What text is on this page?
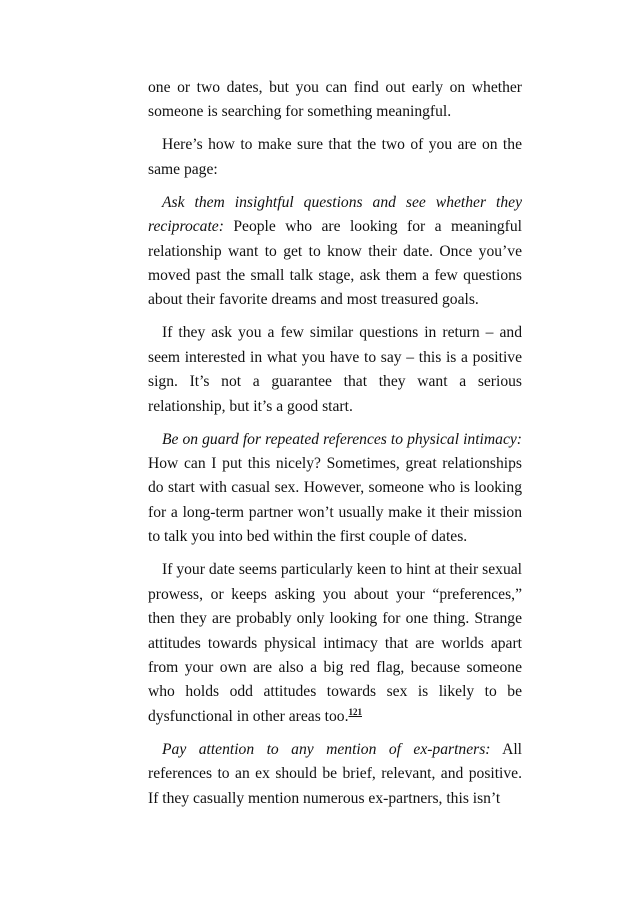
one or two dates, but you can find out early on whether someone is searching for something meaningful.

Here’s how to make sure that the two of you are on the same page:

Ask them insightful questions and see whether they reciprocate: People who are looking for a meaningful relationship want to get to know their date. Once you’ve moved past the small talk stage, ask them a few questions about their favorite dreams and most treasured goals.

If they ask you a few similar questions in return – and seem interested in what you have to say – this is a positive sign. It’s not a guarantee that they want a serious relationship, but it’s a good start.

Be on guard for repeated references to physical intimacy: How can I put this nicely? Sometimes, great relationships do start with casual sex. However, someone who is looking for a long-term partner won’t usually make it their mission to talk you into bed within the first couple of dates.

If your date seems particularly keen to hint at their sexual prowess, or keeps asking you about your “preferences,” then they are probably only looking for one thing. Strange attitudes towards physical intimacy that are worlds apart from your own are also a big red flag, because someone who holds odd attitudes towards sex is likely to be dysfunctional in other areas too.$^{121}$

Pay attention to any mention of ex-partners: All references to an ex should be brief, relevant, and positive. If they casually mention numerous ex-partners, this isn’t
